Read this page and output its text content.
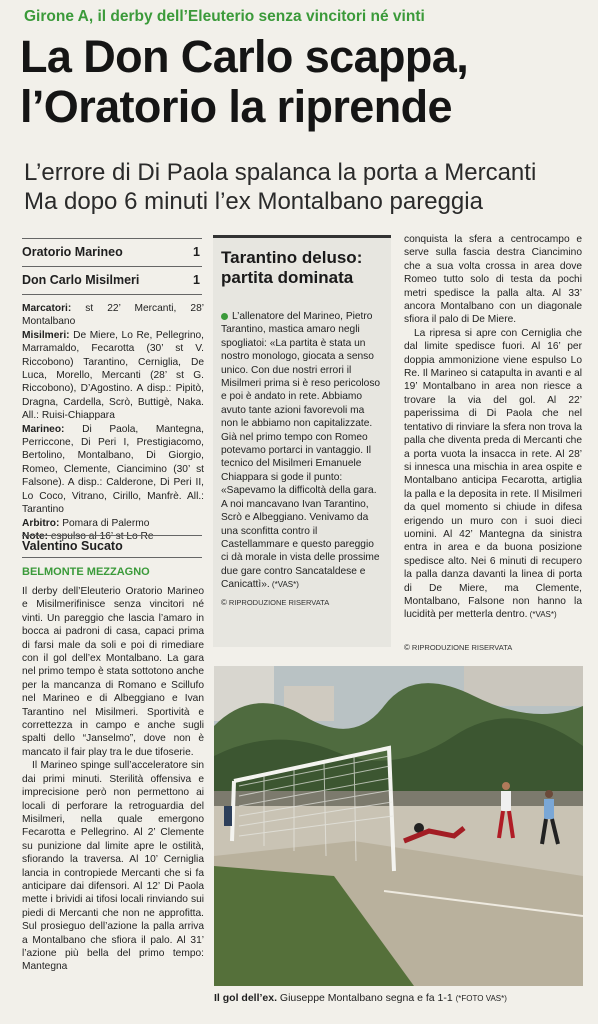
Girone A, il derby dell’Eleuterio senza vincitori né vinti
La Don Carlo scappa,
l’Oratorio la riprende
L’errore di Di Paola spalanca la porta a Mercanti
Ma dopo 6 minuti l’ex Montalbano pareggia
Oratorio Marineo	1
Don Carlo Misilmeri	1

Marcatori: st 22’ Mercanti, 28’ Montalbano

Misilmeri: De Miere, Lo Re, Pellegrino, Marramaldo, Fecarotta (30’ st V. Riccobono) Tarantino, Cerniglia, De Luca, Morello, Mercanti (28’ st G. Riccobono), D’Agostino. A disp.: Pipitò, Dragna, Cardella, Scrò, Buttigè, Naka. All.: Ruisi-Chiappara

Marineo: Di Paola, Mantegna, Perriccone, Di Peri I, Prestigiacomo, Bertolino, Montalbano, Di Giorgio, Romeo, Clemente, Ciancimino (30’ st Falsone). A disp.: Calderone, Di Peri II, Lo Coco, Vitrano, Cirillo, Manfrè. All.: Tarantino

Arbitro: Pomara di Palermo

Note: espulso al 16’ st Lo Re

Valentino Sucato
BELMONTE MEZZAGNO

Il derby dell’Eleuterio Oratorio Marineo e Misilmerifinisce senza vincitori né vinti. Un pareggio che lascia l’amaro in bocca ai padroni di casa, capaci prima di farsi male da soli e poi di rimediare con il gol dell’ex Montalbano. La gara nel primo tempo è stata sottotono anche per la mancanza di Romano e Scillufo nel Marineo e di Albeggiano e Ivan Tarantino nel Misilmeri. Sportività e correttezza in campo e anche sugli spalti dello “Janselmo”, dove non è mancato il fair play tra le due tifoserie.

Il Marineo spinge sull’acceleratore sin dai primi minuti. Sterilità offensiva e imprecisione però non permettono ai locali di perforare la retroguardia del Misilmeri, nella quale emergono Fecarotta e Pellegrino. Al 2’ Clemente su punizione dal limite apre le ostilità, sfiorando la traversa. Al 10’ Cerniglia lancia in contropiede Mercanti che si fa anticipare dai difensori. Al 12’ Di Paola mette i brividi ai tifosi locali rinviando sui piedi di Mercanti che non ne approfitta. Sul prosieguo dell’azione la palla arriva a Montalbano che sfiora il palo. Al 31’ l’azione più bella del primo tempo: Mantegna

Tarantino deluso: partita dominata
L’allenatore del Marineo, Pietro Tarantino, mastica amaro negli spogliatoi: «La partita è stata un nostro monologo, giocata a senso unico. Con due nostri errori il Misilmeri prima si è reso pericoloso e poi è andato in rete. Abbiamo avuto tante azioni favorevoli ma non le abbiamo non capitalizzate. Già nel primo tempo con Romeo potevamo portarci in vantaggio. Il tecnico del Misilmeri Emanuele Chiappara si gode il punto: «Sapevamo la difficoltà della gara. A noi mancavano Ivan Tarantino, Scrò e Albeggiano. Venivamo da una sconfitta contro il Castellammare e questo pareggio ci dà morale in vista delle prossime due gare contro Sancataldese e Canicattì». (*VAS*)
© RIPRODUZIONE RISERVATA

conquista la sfera a centrocampo e serve sulla fascia destra Ciancimino che a sua volta crossa in area dove Romeo tutto solo di testa da pochi metri spedisce la palla alta. Al 33’ ancora Montalbano con un diagonale sfiora il palo di De Miere.

La ripresa si apre con Cerniglia che dal limite spedisce fuori. Al 16’ per doppia ammonizione viene espulso Lo Re. Il Marineo si catapulta in avanti e al 19’ Montalbano in area non riesce a trovare la via del gol. Al 22’ paperissima di Di Paola che nel tentativo di rinviare la sfera non trova la palla che diventa preda di Mercanti che a porta vuota la insacca in rete. Al 28’ si innesca una mischia in area ospite e Montalbano anticipa Fecarotta, artiglia la palla e la deposita in rete. Il Misilmeri da quel momento si chiude in difesa erigendo un muro con i suoi dieci uomini. Al 42’ Mantegna da sinistra entra in area e da buona posizione spedisce alto. Nei 6 minuti di recupero la palla danza davanti la linea di porta di De Miere, ma Clemente, Montalbano, Falsone non hanno la lucidità per metterla dentro. (*VAS*)

© RIPRODUZIONE RISERVATA
Il gol dell’ex. Giuseppe Montalbano segna e fa 1-1 (*FOTO VAS*)
